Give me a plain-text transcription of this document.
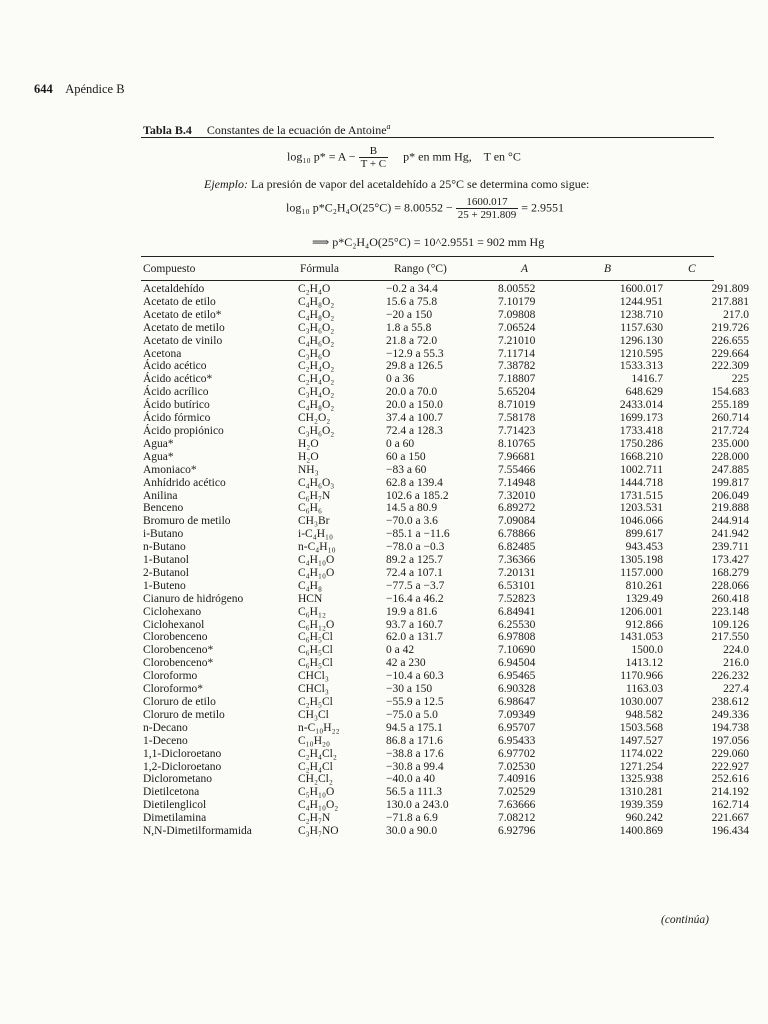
644 Apéndice B
Tabla B.4 Constantes de la ecuación de Antoine$^a$
log₁₀ $p* = A - \frac{B}{T + C} p*$ en mm Hg, T en °C
Ejemplo: La presión de vapor del acetaldehído a 25°C se determina como sigue:
log₁₀ $p*C_2H_4O(25^\circ C) = 8.00552 - \frac{1600.017}{25 + 291.809} = 2.9551$
⟹ p*C₂H₄O(25°C) = 10^2.9551 = 902 mm Hg
Compuesto	Fórmula	Rango (°C)	A	B	C
Acetaldehído	C₂H₄O	−0.2 a 34.4	8.00552	1600.017	291.809
Acetato de etilo	C₄H₈O₂	15.6 a 75.8	7.10179	1244.951	217.881
Acetato de etilo*	C₄H₈O₂	−20 a 150	7.09808	1238.710	217.0
Acetato de metilo	C₃H₆O₂	1.8 a 55.8	7.06524	1157.630	219.726
Acetato de vinilo	C₄H₆O₂	21.8 a 72.0	7.21010	1296.130	226.655
Acetona	C₃H₆O	−12.9 a 55.3	7.11714	1210.595	229.664
Ácido acético	C₂H₄O₂	29.8 a 126.5	7.38782	1533.313	222.309
Ácido acético*	C₂H₄O₂	0 a 36	7.18807	1416.7	225
Ácido acrílico	C₃H₄O₂	20.0 a 70.0	5.65204	648.629	154.683
Ácido butírico	C₄H₈O₂	20.0 a 150.0	8.71019	2433.014	255.189
Ácido fórmico	CH₂O₂	37.4 a 100.7	7.58178	1699.173	260.714
Ácido propiónico	C₃H₆O₂	72.4 a 128.3	7.71423	1733.418	217.724
Agua*	H₂O	0 a 60	8.10765	1750.286	235.000
Agua*	H₂O	60 a 150	7.96681	1668.210	228.000
Amoniaco*	NH₃	−83 a 60	7.55466	1002.711	247.885
Anhídrido acético	C₄H₆O₃	62.8 a 139.4	7.14948	1444.718	199.817
Anilina	C₆H₇N	102.6 a 185.2	7.32010	1731.515	206.049
Benceno	C₆H₆	14.5 a 80.9	6.89272	1203.531	219.888
Bromuro de metilo	CH₃Br	−70.0 a 3.6	7.09084	1046.066	244.914
i-Butano	i-C₄H₁₀	−85.1 a −11.6	6.78866	899.617	241.942
n-Butano	n-C₄H₁₀	−78.0 a −0.3	6.82485	943.453	239.711
1-Butanol	C₄H₁₀O	89.2 a 125.7	7.36366	1305.198	173.427
2-Butanol	C₄H₁₀O	72.4 a 107.1	7.20131	1157.000	168.279
1-Buteno	C₄H₈	−77.5 a −3.7	6.53101	810.261	228.066
Cianuro de hidrógeno	HCN	−16.4 a 46.2	7.52823	1329.49	260.418
Ciclohexano	C₆H₁₂	19.9 a 81.6	6.84941	1206.001	223.148
Ciclohexanol	C₆H₁₂O	93.7 a 160.7	6.25530	912.866	109.126
Clorobenceno	C₆H₅Cl	62.0 a 131.7	6.97808	1431.053	217.550
Clorobenceno*	C₆H₅Cl	0 a 42	7.10690	1500.0	224.0
Clorobenceno*	C₆H₅Cl	42 a 230	6.94504	1413.12	216.0
Cloroformo	CHCl₃	−10.4 a 60.3	6.95465	1170.966	226.232
Cloroformo*	CHCl₃	−30 a 150	6.90328	1163.03	227.4
Cloruro de etilo	C₂H₅Cl	−55.9 a 12.5	6.98647	1030.007	238.612
Cloruro de metilo	CH₃Cl	−75.0 a 5.0	7.09349	948.582	249.336
n-Decano	n-C₁₀H₂₂	94.5 a 175.1	6.95707	1503.568	194.738
1-Deceno	C₁₀H₂₀	86.8 a 171.6	6.95433	1497.527	197.056
1,1-Dicloroetano	C₂H₄Cl₂	−38.8 a 17.6	6.97702	1174.022	229.060
1,2-Dicloroetano	C₂H₄Cl	−30.8 a 99.4	7.02530	1271.254	222.927
Diclorometano	CH₂Cl₂	−40.0 a 40	7.40916	1325.938	252.616
Dietilcetona	C₅H₁₀O	56.5 a 111.3	7.02529	1310.281	214.192
Dietilenglicol	C₄H₁₀O₂	130.0 a 243.0	7.63666	1939.359	162.714
Dimetilamina	C₂H₇N	−71.8 a 6.9	7.08212	960.242	221.667
N,N-Dimetilformamida	C₃H₇NO	30.0 a 90.0	6.92796	1400.869	196.434
(continúa)
